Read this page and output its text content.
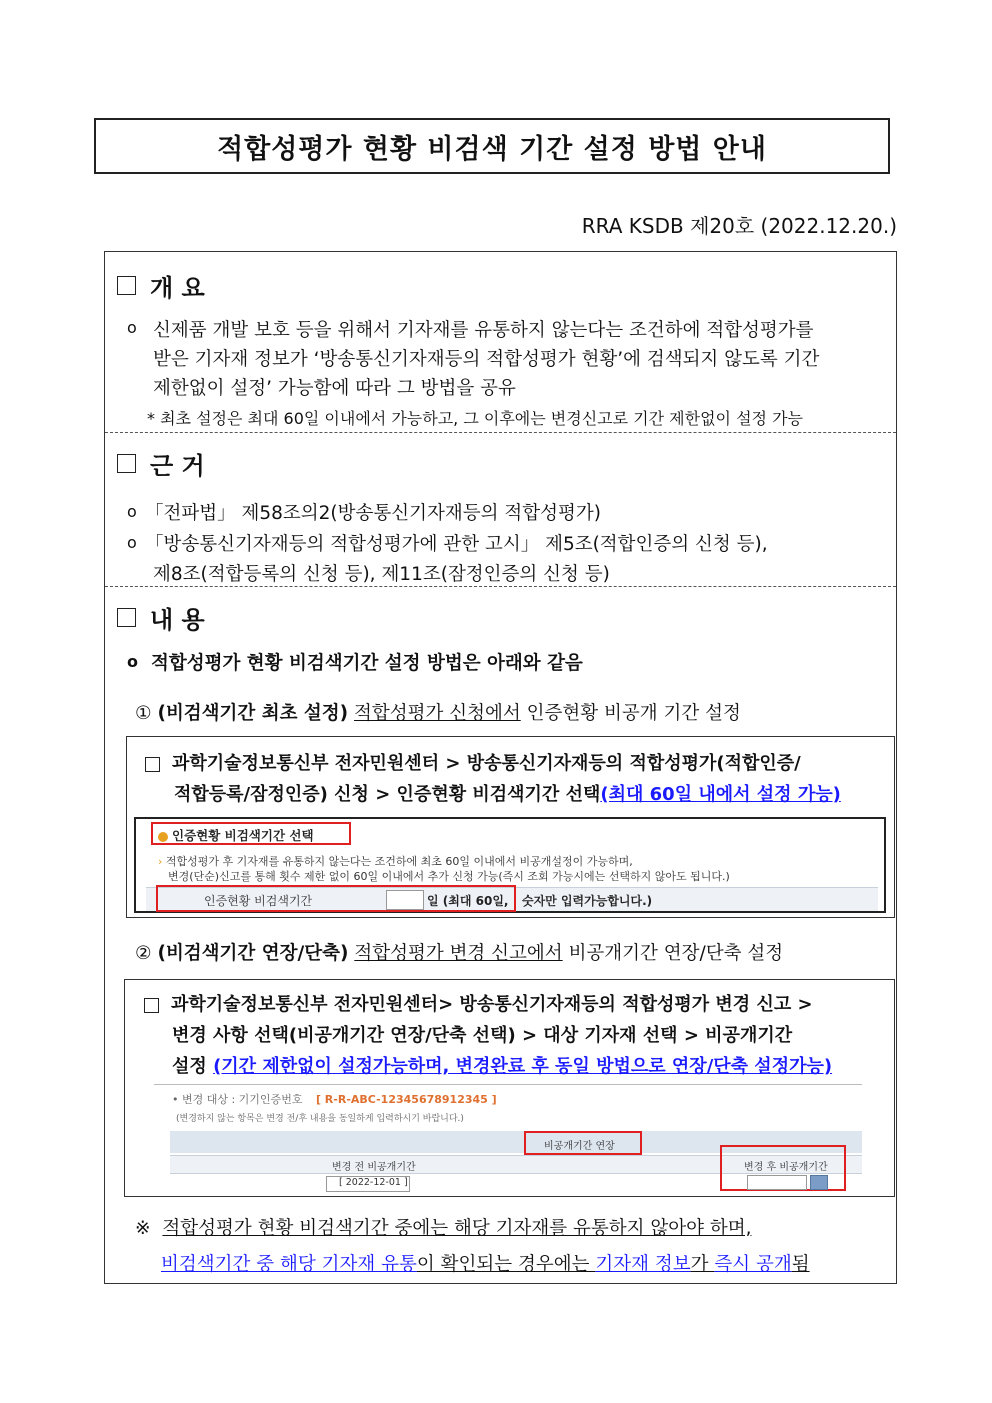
적합성평가 현황 비검색 기간 설정 방법 안내
RRA KSDB 제20호 (2022.12.20.)
개 요
o 신제품 개발 보호 등을 위해서 기자재를 유통하지 않는다는 조건하에 적합성평가를
받은 기자재 정보가 ‘방송통신기자재등의 적합성평가 현황’에 검색되지 않도록 기간
제한없이 설정’ 가능함에 따라 그 방법을 공유
* 최초 설정은 최대 60일 이내에서 가능하고, 그 이후에는 변경신고로 기간 제한없이 설정 가능
근 거
o 「전파법」 제58조의2(방송통신기자재등의 적합성평가)
o 「방송통신기자재등의 적합성평가에 관한 고시」 제5조(적합인증의 신청 등),
제8조(적합등록의 신청 등), 제11조(잠정인증의 신청 등)
내 용
o 적합성평가 현황 비검색기간 설정 방법은 아래와 같음
① (비검색기간 최초 설정) 적합성평가 신청에서 인증현황 비공개 기간 설정
과학기술정보통신부 전자민원센터 > 방송통신기자재등의 적합성평가(적합인증/
적합등록/잠정인증) 신청 > 인증현황 비검색기간 선택(최대 60일 내에서 설정 가능)
인증현황 비검색기간 선택
› 적합성평가 후 기자재를 유통하지 않는다는 조건하에 최초 60일 이내에서 비공개설정이 가능하며,
변경(단순)신고를 통해 횟수 제한 없이 60일 이내에서 추가 신청 가능(즉시 조회 가능시에는 선택하지 않아도 됩니다.)
인증현황 비검색기간	일 (최대 60일, 숫자만 입력가능합니다.)
② (비검색기간 연장/단축) 적합성평가 변경 신고에서 비공개기간 연장/단축 설정
과학기술정보통신부 전자민원센터> 방송통신기자재등의 적합성평가 변경 신고 >
변경 사항 선택(비공개기간 연장/단축 선택) > 대상 기자재 선택 > 비공개기간
설정 (기간 제한없이 설정가능하며, 변경완료 후 동일 방법으로 연장/단축 설정가능)
• 변경 대상 : 기기인증번호 [ R-R-ABC-12345678912345 ]
(변경하지 않는 항목은 변경 전/후 내용을 동일하게 입력하시기 바랍니다.)
비공개기간 연장
변경 전 비공개기간	변경 후 비공개기간
[ 2022-12-01 ]
※ 적합성평가 현황 비검색기간 중에는 해당 기자재를 유통하지 않아야 하며,
비검색기간 중 해당 기자재 유통이 확인되는 경우에는 기자재 정보가 즉시 공개됨
